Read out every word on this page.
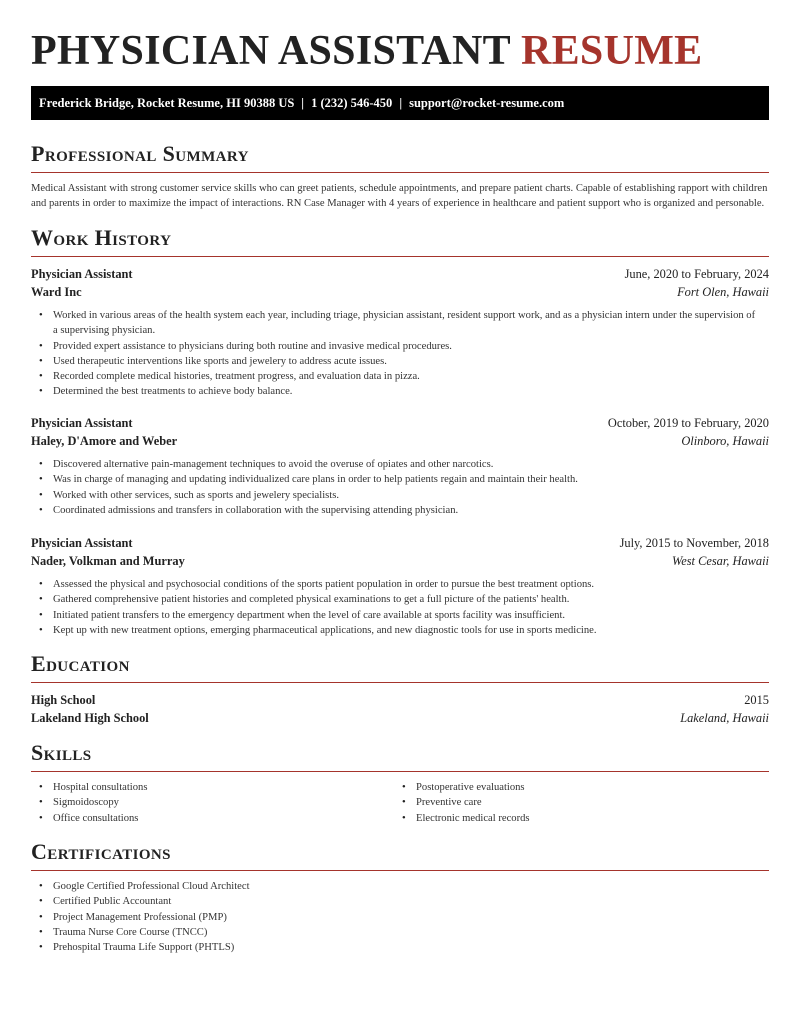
PHYSICIAN ASSISTANT RESUME
Frederick Bridge, Rocket Resume, HI 90388 US | 1 (232) 546-450 | support@rocket-resume.com
Professional Summary

Medical Assistant with strong customer service skills who can greet patients, schedule appointments, and prepare patient charts. Capable of establishing rapport with children and parents in order to maximize the impact of interactions. RN Case Manager with 4 years of experience in healthcare and patient support who is organized and personable.

Work History
Physician Assistant	June, 2020 to February, 2024
Ward Inc	Fort Olen, Hawaii
• Worked in various areas of the health system each year, including triage, physician assistant, resident support work, and as a physician intern under the supervision of a supervising physician.
• Provided expert assistance to physicians during both routine and invasive medical procedures.
• Used therapeutic interventions like sports and jewelery to address acute issues.
• Recorded complete medical histories, treatment progress, and evaluation data in pizza.
• Determined the best treatments to achieve body balance.
Physician Assistant	October, 2019 to February, 2020
Haley, D'Amore and Weber	Olinboro, Hawaii
• Discovered alternative pain-management techniques to avoid the overuse of opiates and other narcotics.
• Was in charge of managing and updating individualized care plans in order to help patients regain and maintain their health.
• Worked with other services, such as sports and jewelery specialists.
• Coordinated admissions and transfers in collaboration with the supervising attending physician.
Physician Assistant	July, 2015 to November, 2018
Nader, Volkman and Murray	West Cesar, Hawaii
• Assessed the physical and psychosocial conditions of the sports patient population in order to pursue the best treatment options.
• Gathered comprehensive patient histories and completed physical examinations to get a full picture of the patients' health.
• Initiated patient transfers to the emergency department when the level of care available at sports facility was insufficient.
• Kept up with new treatment options, emerging pharmaceutical applications, and new diagnostic tools for use in sports medicine.
Education
High School	2015
Lakeland High School	Lakeland, Hawaii
Skills
• Hospital consultations
• Sigmoidoscopy
• Office consultations
• Postoperative evaluations
• Preventive care
• Electronic medical records
Certifications
• Google Certified Professional Cloud Architect
• Certified Public Accountant
• Project Management Professional (PMP)
• Trauma Nurse Core Course (TNCC)
• Prehospital Trauma Life Support (PHTLS)
